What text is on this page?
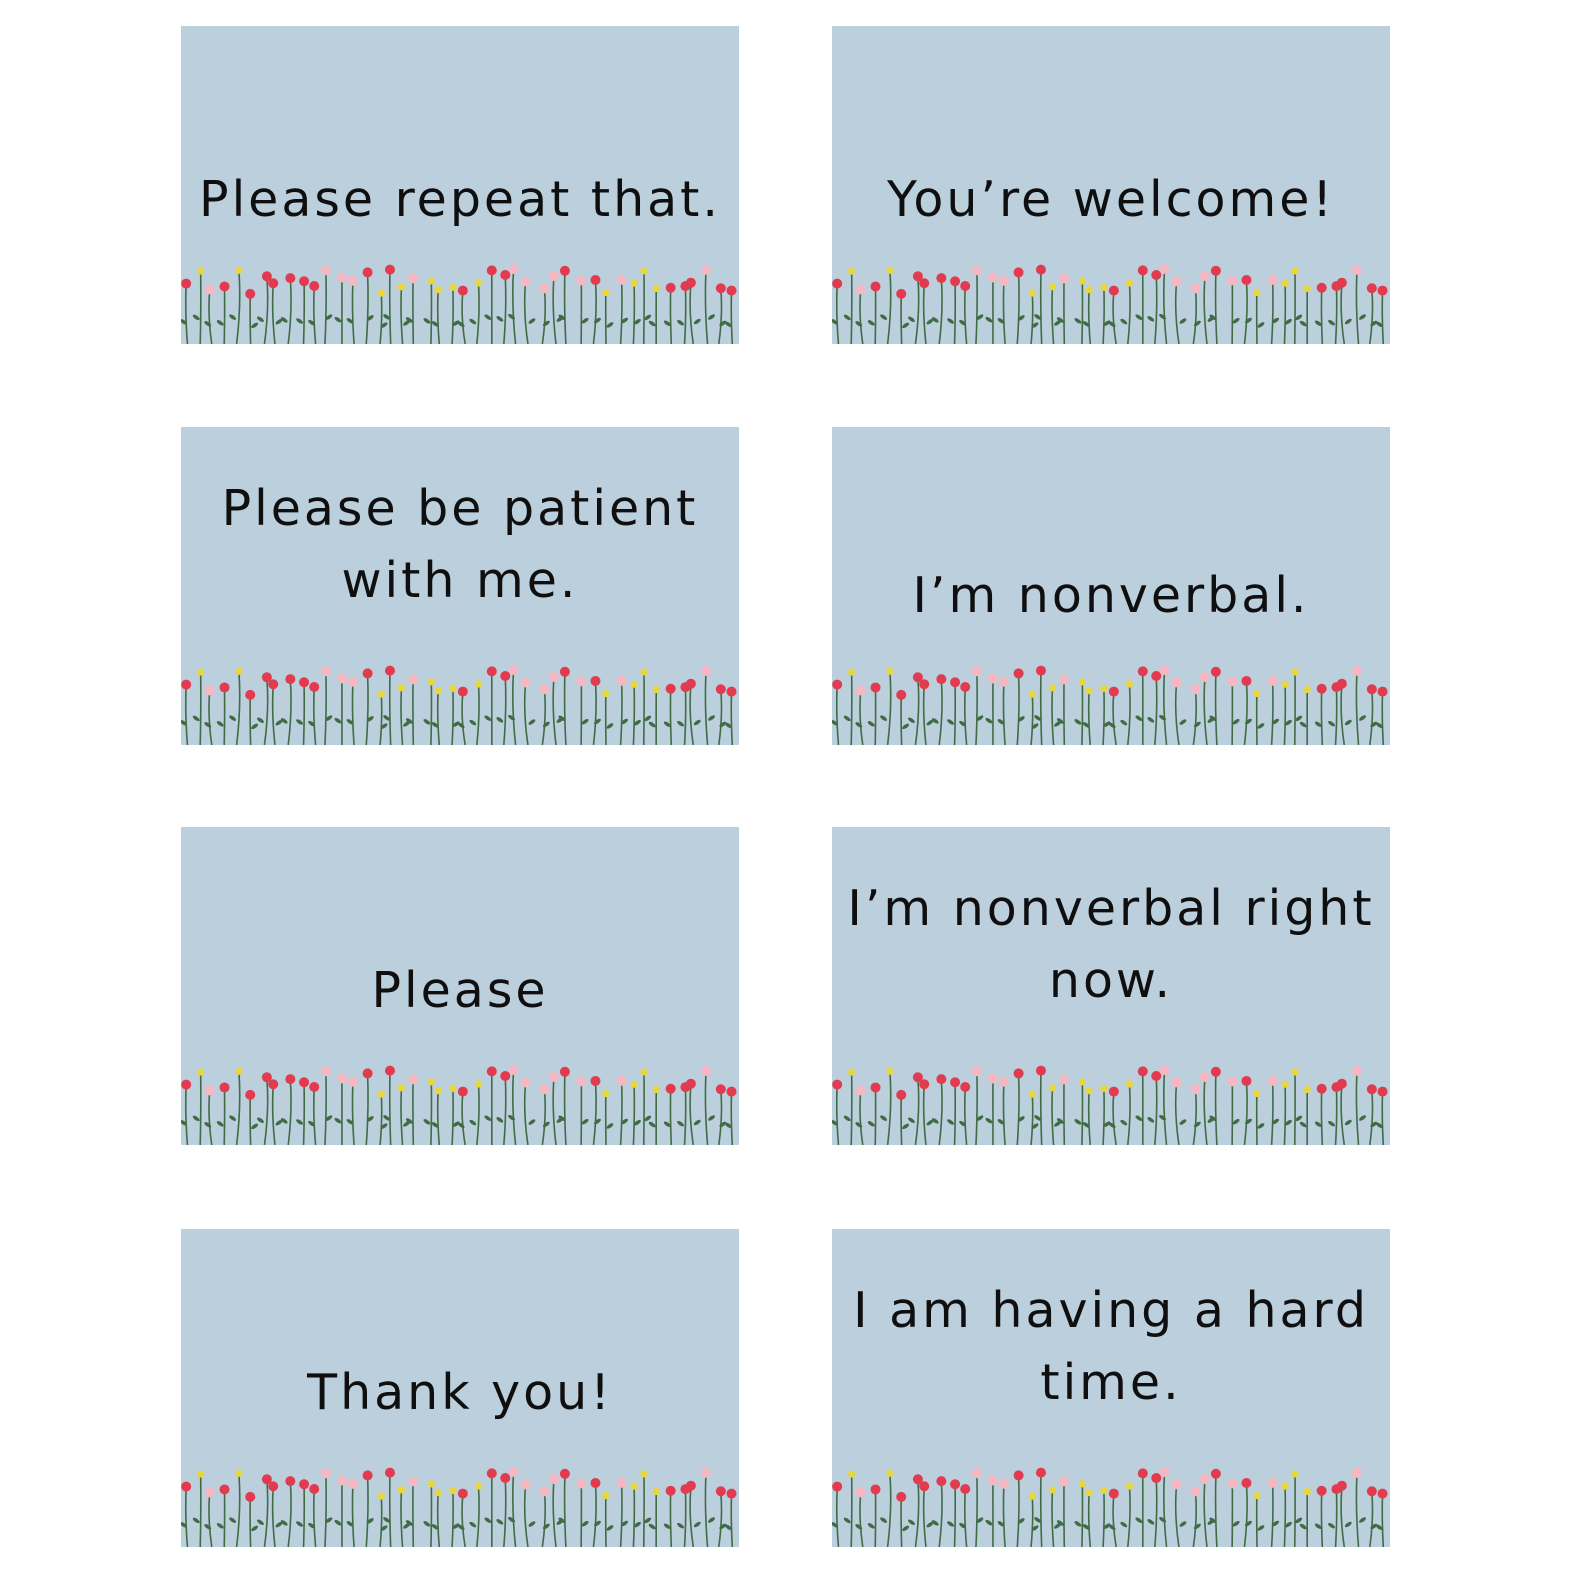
Please repeat that.	You’re welcome!
Please be patient
with me.	I’m nonverbal.
Please
I’m nonverbal right
now.
Thank you!
I am having a hard
time.
